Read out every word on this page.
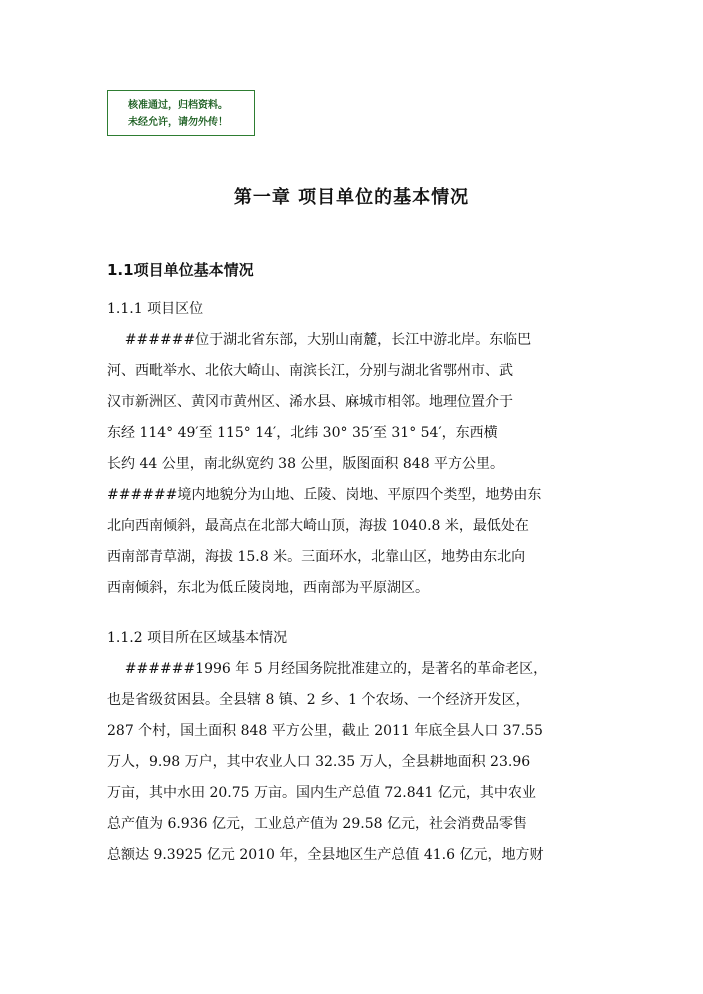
核准通过，归档资料。
未经允许，请勿外传！
第一章 项目单位的基本情况
1.1项目单位基本情况
1.1.1 项目区位
######位于湖北省东部，大别山南麓，长江中游北岸。东临巴
河、西毗举水、北依大崎山、南滨长江，分别与湖北省鄂州市、武
汉市新洲区、黄冈市黄州区、浠水县、麻城市相邻。地理位置介于
东经 114° 49′至 115° 14′，北纬 30° 35′至 31° 54′，东西横
长约 44 公里，南北纵宽约 38 公里，版图面积 848 平方公里。
######境内地貌分为山地、丘陵、岗地、平原四个类型，地势由东
北向西南倾斜，最高点在北部大崎山顶，海拔 1040.8 米，最低处在
西南部青草湖，海拔 15.8 米。三面环水，北靠山区，地势由东北向
西南倾斜，东北为低丘陵岗地，西南部为平原湖区。
1.1.2 项目所在区域基本情况
######1996 年 5 月经国务院批准建立的，是著名的革命老区，
也是省级贫困县。全县辖 8 镇、2 乡、1 个农场、一个经济开发区，
287 个村，国土面积 848 平方公里，截止 2011 年底全县人口 37.55
万人，9.98 万户，其中农业人口 32.35 万人，全县耕地面积 23.96
万亩，其中水田 20.75 万亩。国内生产总值 72.841 亿元，其中农业
总产值为 6.936 亿元，工业总产值为 29.58 亿元，社会消费品零售
总额达 9.3925 亿元 2010 年，全县地区生产总值 41.6 亿元，地方财
